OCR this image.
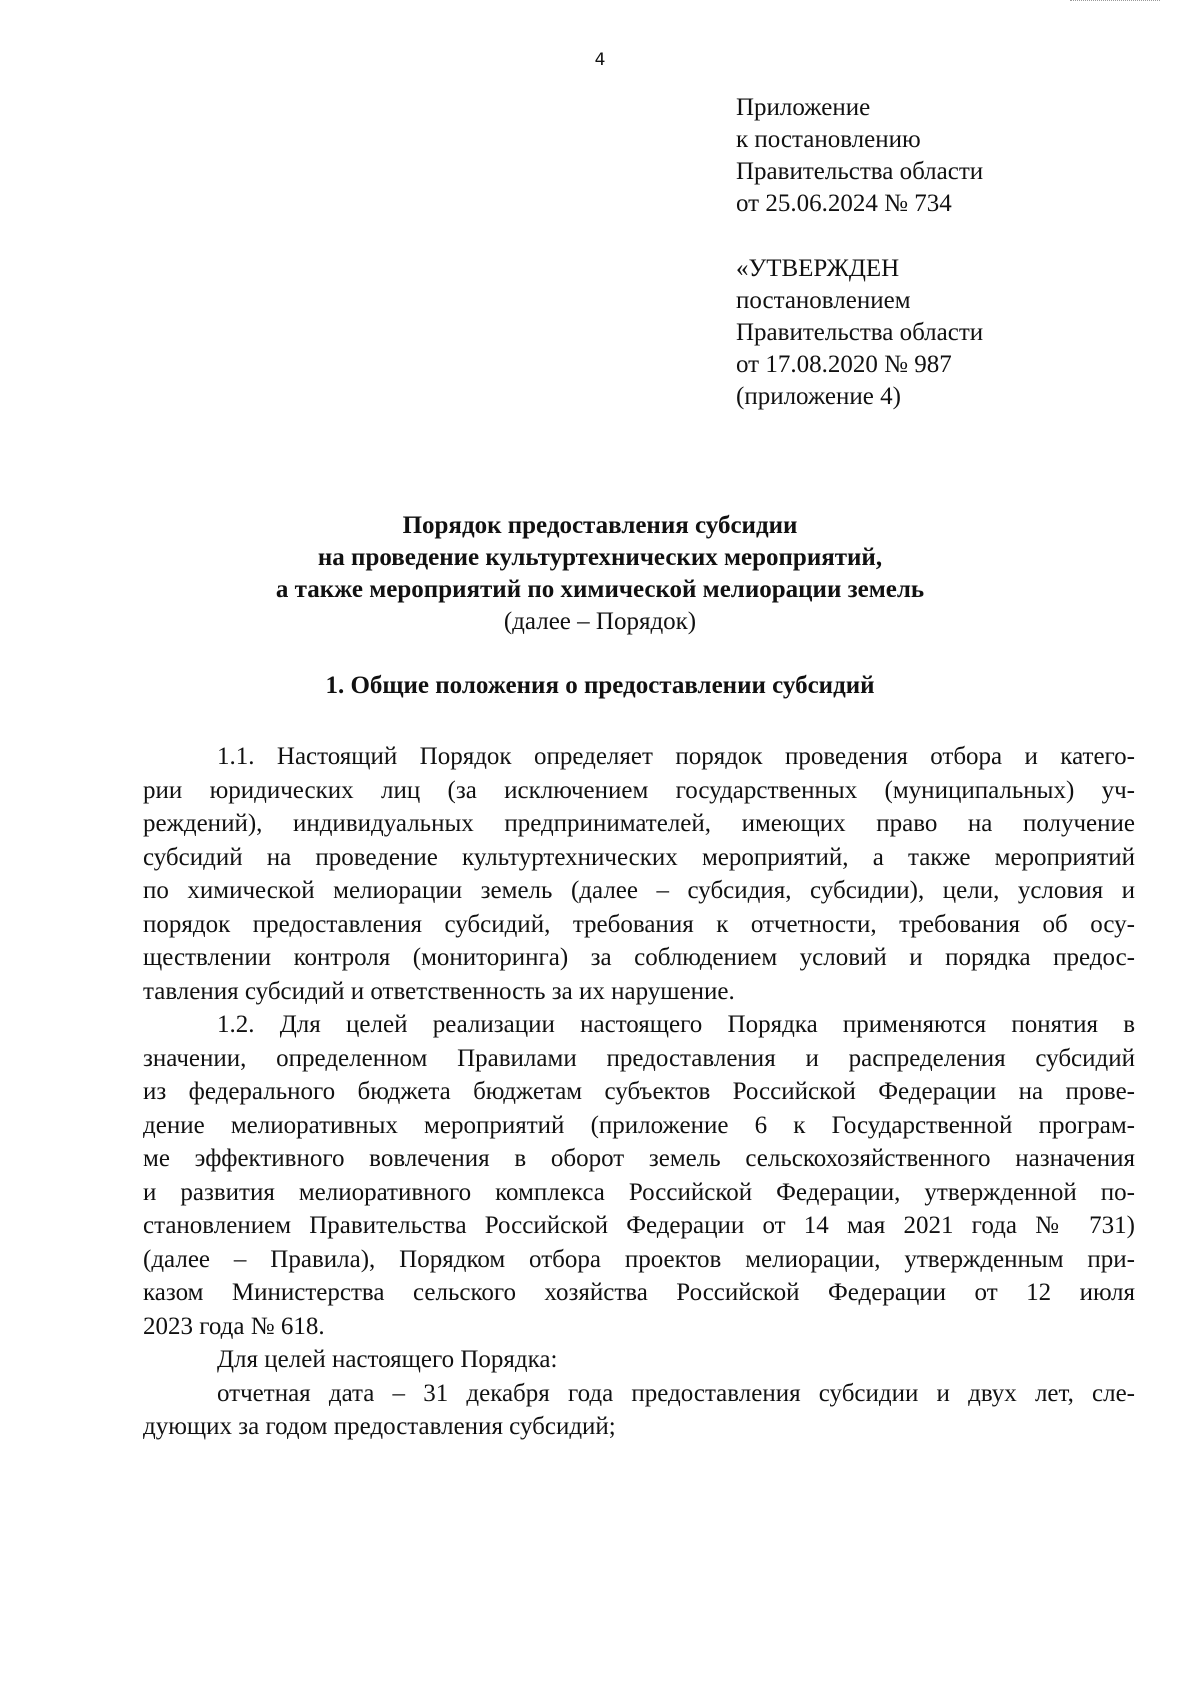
4
Приложение
к постановлению
Правительства области
от 25.06.2024 № 734
«УТВЕРЖДЕН
постановлением
Правительства области
от 17.08.2020 № 987
(приложение 4)
Порядок предоставления субсидии
на проведение культуртехнических мероприятий,
а также мероприятий по химической мелиорации земель
(далее – Порядок)
1. Общие положения о предоставлении субсидий
1.1. Настоящий Порядок определяет порядок проведения отбора и катего-
рии юридических лиц (за исключением государственных (муниципальных) уч-
реждений), индивидуальных предпринимателей, имеющих право на получение
субсидий на проведение культуртехнических мероприятий, а также мероприятий
по химической мелиорации земель (далее – субсидия, субсидии), цели, условия и
порядок предоставления субсидий, требования к отчетности, требования об осу-
ществлении контроля (мониторинга) за соблюдением условий и порядка предос-
тавления субсидий и ответственность за их нарушение.
1.2. Для целей реализации настоящего Порядка применяются понятия в
значении, определенном Правилами предоставления и распределения субсидий
из федерального бюджета бюджетам субъектов Российской Федерации на прове-
дение мелиоративных мероприятий (приложение 6 к Государственной програм-
ме эффективного вовлечения в оборот земель сельскохозяйственного назначения
и развития мелиоративного комплекса Российской Федерации, утвержденной по-
становлением Правительства Российской Федерации от 14 мая 2021 года № 731)
(далее – Правила), Порядком отбора проектов мелиорации, утвержденным при-
казом Министерства сельского хозяйства Российской Федерации от 12 июля
2023 года № 618.
Для целей настоящего Порядка:
отчетная дата – 31 декабря года предоставления субсидии и двух лет, сле-
дующих за годом предоставления субсидий;
